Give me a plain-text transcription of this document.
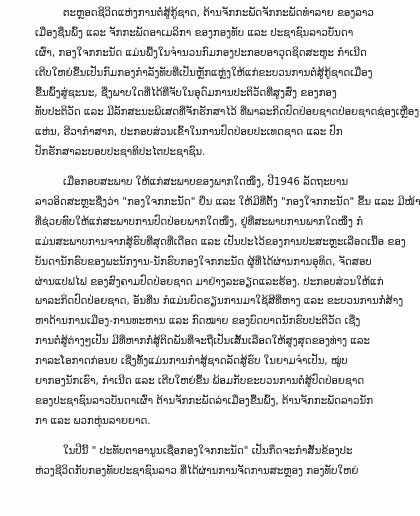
ຕະຫຼອດຊີວິດແຫ່ງການຕໍ່ສູ້ກູ້ຊາດ, ຕ້ານຈັກກະພັດຈັກກະພັດທຳລາຍ ຂອງລາວ
ເມື່ອງຊື່ນພົ້ງ ແລະ ຈັກກະພັດອາເມລິກາ ຂອງກອງທັບ ແລະ ປະຊາຊົນລາວບັນດາ
ເຜົ່າ, ກອງໃຈກກະນັດ ແມ່ນພື້ງໃນຈຳນວນກົມກອງປະກອບອາວຸດຊິດສະຫູະ ກຳເນີດ
ເຕີບໃຫຍ່ຂື້ນເປັນກົມກອງກຳລັງທັບທີ່ເປັນຫຼັກແຫຼ່ງໃຫ້ແກ່ຂະບວນການຕໍ່ສູ້ກູ້ຊາດເມື່ອງ
ຂື້ນພົ້ງສູ່ຊະນະ, ຊື່ງພາບໃດທີ່ໄດ້ທີ່ຈັບໃນອຸດົມການປະຕິວັດທີ່ສູງສົ່ງ ຂອງກອງ
ທັບປະຕິວັດ ແລະ ມີລັກສະນະພິເສດທີ່ຈັກຮັກສາໄວ້ ທີ່ພາລະກິດປົດປ່ອຍຊາດປ່ອຍຊາດຊ່ອງເຫຼືອງ
ແຫ່ນ, ຮີວາກຳສາກ, ປະກອບສ່ວນເຂົ້າໃນການປົດປ່ອຍປະເທດຊາດ ແລະ ປົກ
ປັກຮັກສາລະບອບປະຊາທິປະໄຕປະຊາຊົນ.
ເມື່ອກອບສະພາບ ໃຫ້ແກ່ສະພາບຂອງພາກໃດໜຶ່ງ, ປີ1946 ລັດຖະບານ
ລາວອິດສະຫຼະຊື່ງວ່າ "ກອງໃຈກກະນັດ" ຍື່ນ ແລະ ໃຫ້ມີທີ່ຕັ້ງ "ກອງໃຈກກະນັດ" ຂື້ນ ແລະ ມີໜ້າ
ທີ່ຊ່ວຍທົບໃຫ້ແກ່ສະພາບການປົດປ່ອຍພາກໃດໜຶ່ງ, ຢູ່ທີ່ສະພາບການພາກໃດໜຶ່ງ ກໍ
ແມ່ນສະພາບການຈາກສູ້ຮົບທີ່ສຸດທີ່ເດືອດ ແລະ ເປັນປະໄວ້ຂອງການປະສະຫຼະເລືອດເນື້ອ ຂອງ
ບັນດານັກຮົບຂອງພະນັກງານ-ນັກຮົບກອງໃຈກກະນັດ ຜູ້ທີ່ໄດ້ຜ່ານການອຸທິດ, ຈັດສອບ
ຜ່ານແປຟໄຟ ຂອງສົງຄາມປົດປ່ອຍຊາດ ມາຢ່າງລະອຽດແລະຮ້ອງ. ປະກອບສ່ວນໃຫ້ແກ່
ພາລະກິດປົດປ່ອຍຊາດ, ອັນທີ່ນ ກໍແມ່ນບົດຮຽນການມາໃຊ້ສີທີ່ຫາງ ແລະ ຂະບວນການກໍ່ສ້າງ
ຫາດ້ານການເມືອງ-ການທະຫານ ແລະ ກົດໝາຍ ຂອງບົດບາດນັກຮົບປະຕິວັດ ເຊື່ງ
ການຕໍ່ສູ້ຕ່າງໆເປັນ ມີທີ່ຫາກກໍ່ສູ້ຕິດພັນທີ່ຈະຖືເປັນເສັ້ນເລືອດໃຫ້ສູງສຸດຂອງທ່າງ ແລະ
ກາລະໂອກາດກ່ອນຍ ເຊີ່ງທັ້ງແມ່ນການກຳສູ້ຊາດລັດສູ້ຮົບ ໃນຍາມຈຳເປັນ, ໝູ່ບ
ຍາກອງນັກເຮົາ, ກຳເນີດ ແລະ ເຕີບໃຫຍ່ຂື້ນ ພ້ອມກັບຂະບວນການຕໍ່ສູ້ປົດປ່ອຍຊາດ
ຂອງປະຊາຊົນລາວບັນດາເຜົ່າ ຕ້ານຈັກກະພັດລ່າເມື່ອງຂື້ນພົ້ງ, ຕ້ານຈັກກະພັດລາວນັກ
ກາ ແລະ ພວກຫຸ່ນລາຍຍາດ.
ໃນປີນີ້ " ປະທັບຕາອານູນເຊື່ອກອງໃຈກກະນັດ" ເປັນກຶດຈະກຳສັ້ນຂ້ອງປະ
ຫ່ວງຊີວິດກັບກອງທັບປະຊາຊົນລາວ ທີ່ໄດ້ຜ່ານການຈັດການສະຫຼອງ ກອງທັບໃຫຍ່
